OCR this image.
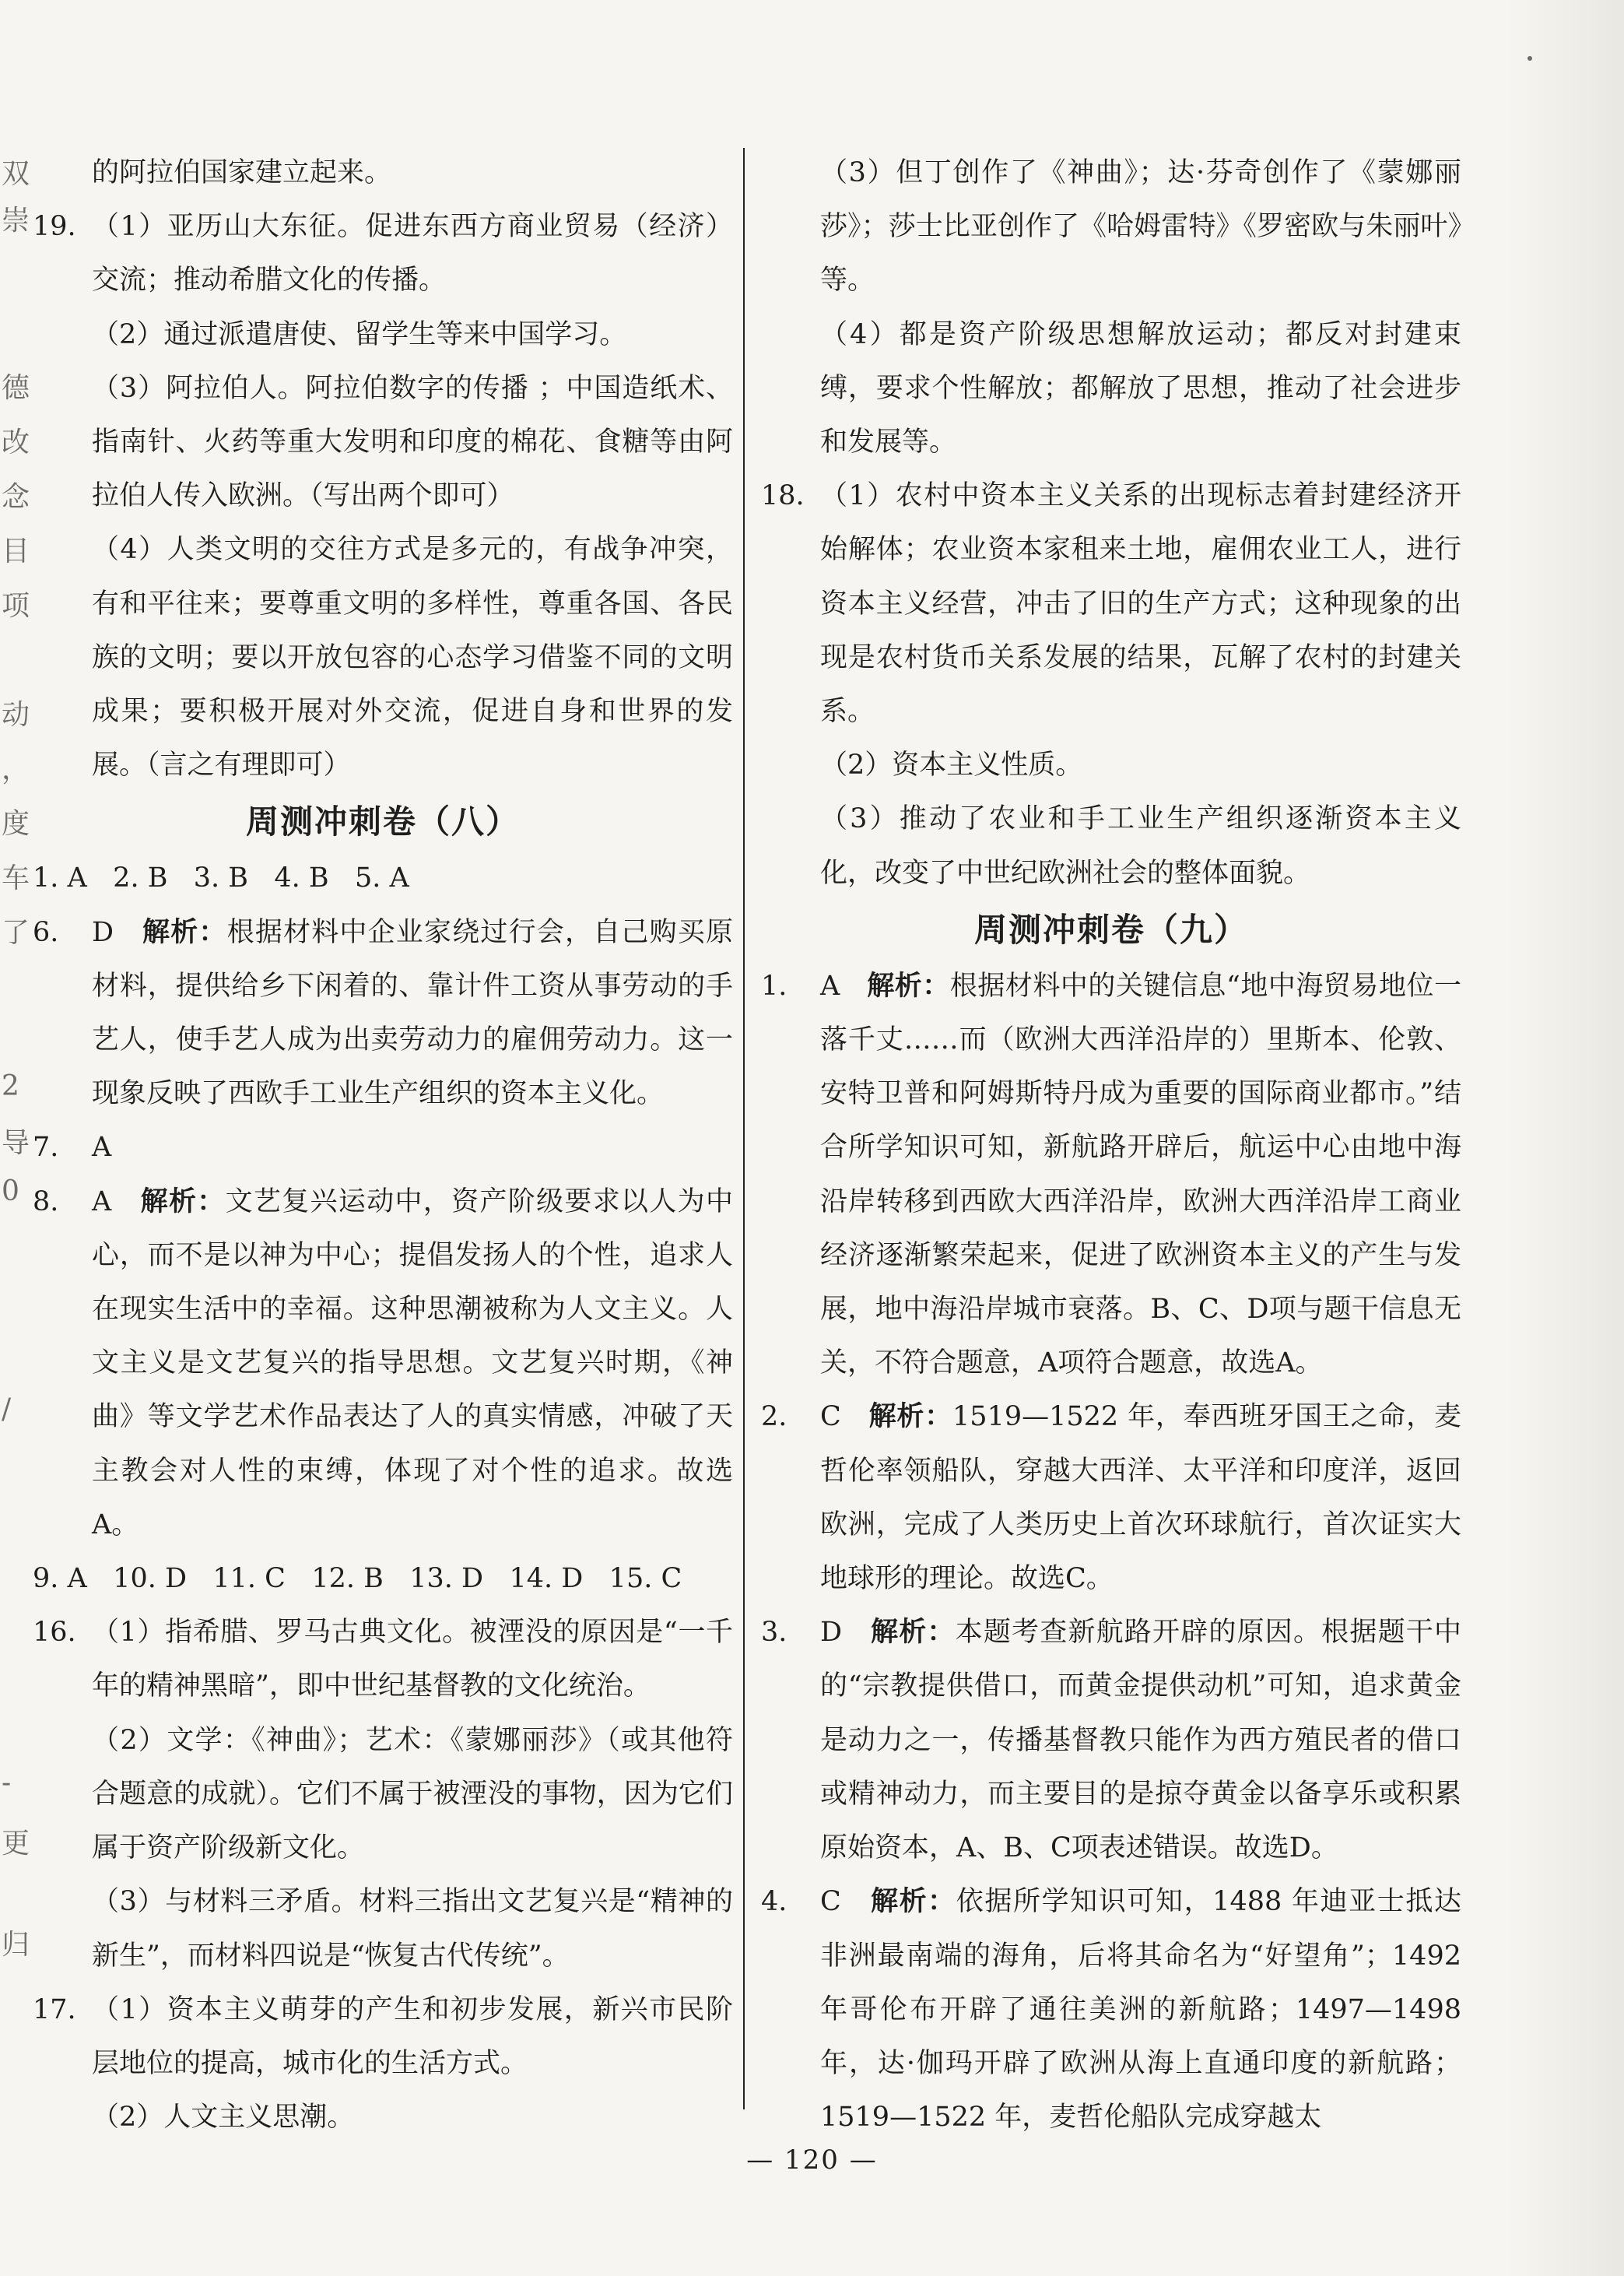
双
崇
德
改
念
目
项
动
，
度
车
了
2
导
0
/
-
更
归
的阿拉伯国家建立起来。
19. （1）亚历山大东征。促进东西方商业贸易（经济）交流；推动希腊文化的传播。
（2）通过派遣唐使、留学生等来中国学习。
（3）阿拉伯人。阿拉伯数字的传播 ；中国造纸术、指南针、火药等重大发明和印度的棉花、食糖等由阿拉伯人传入欧洲。（写出两个即可）
（4）人类文明的交往方式是多元的，有战争冲突，有和平往来；要尊重文明的多样性，尊重各国、各民族的文明；要以开放包容的心态学习借鉴不同的文明成果；要积极开展对外交流，促进自身和世界的发展。（言之有理即可）
周测冲刺卷（八）
1. A   2. B   3. B   4. B   5. A
6.	D 解析：根据材料中企业家绕过行会，自己购买原材料，提供给乡下闲着的、靠计件工资从事劳动的手艺人，使手艺人成为出卖劳动力的雇佣劳动力。这一现象反映了西欧手工业生产组织的资本主义化。
7.	A
8.	A 解析：文艺复兴运动中，资产阶级要求以人为中心，而不是以神为中心；提倡发扬人的个性，追求人在现实生活中的幸福。这种思潮被称为人文主义。人文主义是文艺复兴的指导思想。文艺复兴时期，《神曲》等文学艺术作品表达了人的真实情感，冲破了天主教会对人性的束缚，体现了对个性的追求。故选A。
9. A   10. D   11. C   12. B   13. D   14. D   15. C
16. （1）指希腊、罗马古典文化。被湮没的原因是“一千年的精神黑暗”，即中世纪基督教的文化统治。
（2）文学：《神曲》；艺术：《蒙娜丽莎》（或其他符合题意的成就）。它们不属于被湮没的事物，因为它们属于资产阶级新文化。
（3）与材料三矛盾。材料三指出文艺复兴是“精神的新生”，而材料四说是“恢复古代传统”。
17. （1）资本主义萌芽的产生和初步发展，新兴市民阶层地位的提高，城市化的生活方式。
（2）人文主义思潮。
（3）但丁创作了《神曲》；达·芬奇创作了《蒙娜丽莎》；莎士比亚创作了《哈姆雷特》《罗密欧与朱丽叶》等。
（4）都是资产阶级思想解放运动；都反对封建束缚，要求个性解放；都解放了思想，推动了社会进步和发展等。
18. （1）农村中资本主义关系的出现标志着封建经济开始解体；农业资本家租来土地，雇佣农业工人，进行资本主义经营，冲击了旧的生产方式；这种现象的出现是农村货币关系发展的结果，瓦解了农村的封建关系。
（2）资本主义性质。
（3）推动了农业和手工业生产组织逐渐资本主义化，改变了中世纪欧洲社会的整体面貌。
周测冲刺卷（九）
1.	A 解析：根据材料中的关键信息“地中海贸易地位一落千丈……而（欧洲大西洋沿岸的）里斯本、伦敦、安特卫普和阿姆斯特丹成为重要的国际商业都市。”结合所学知识可知，新航路开辟后，航运中心由地中海沿岸转移到西欧大西洋沿岸，欧洲大西洋沿岸工商业经济逐渐繁荣起来，促进了欧洲资本主义的产生与发展，地中海沿岸城市衰落。B、C、D项与题干信息无关，不符合题意，A项符合题意，故选A。
2.	C 解析：1519—1522 年，奉西班牙国王之命，麦哲伦率领船队，穿越大西洋、太平洋和印度洋，返回欧洲，完成了人类历史上首次环球航行，首次证实大地球形的理论。故选C。
3.	D 解析：本题考查新航路开辟的原因。根据题干中的“宗教提供借口，而黄金提供动机”可知，追求黄金是动力之一，传播基督教只能作为西方殖民者的借口或精神动力，而主要目的是掠夺黄金以备享乐或积累原始资本，A、B、C项表述错误。故选D。
4.	C 解析：依据所学知识可知，1488 年迪亚士抵达非洲最南端的海角，后将其命名为“好望角”；1492 年哥伦布开辟了通往美洲的新航路；1497—1498 年，达·伽玛开辟了欧洲从海上直通印度的新航路；1519—1522 年，麦哲伦船队完成穿越太
— 120 —
